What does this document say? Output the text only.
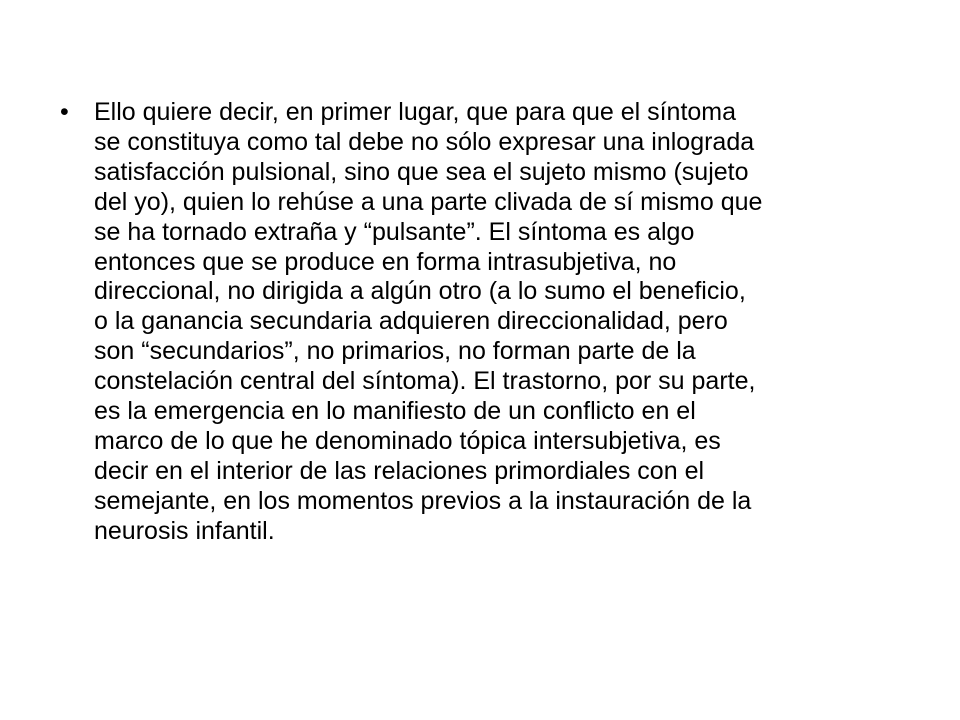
• Ello quiere decir, en primer lugar, que para que el síntoma
se constituya como tal debe no sólo expresar una inlograda
satisfacción pulsional, sino que sea el sujeto mismo (sujeto
del yo), quien lo rehúse a una parte clivada de sí mismo que
se ha tornado extraña y “pulsante”. El síntoma es algo
entonces que se produce en forma intrasubjetiva, no
direccional, no dirigida a algún otro (a lo sumo el beneficio,
o la ganancia secundaria adquieren direccionalidad, pero
son “secundarios”, no primarios, no forman parte de la
constelación central del síntoma). El trastorno, por su parte,
es la emergencia en lo manifiesto de un conflicto en el
marco de lo que he denominado tópica intersubjetiva, es
decir en el interior de las relaciones primordiales con el
semejante, en los momentos previos a la instauración de la
neurosis infantil.
